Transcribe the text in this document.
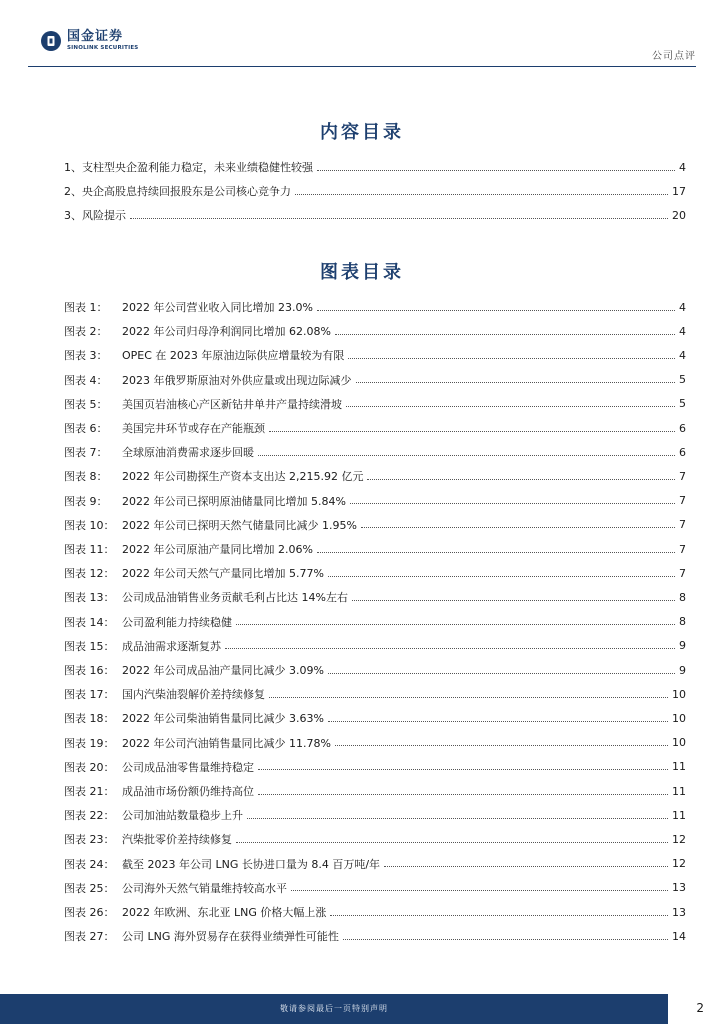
国金证券
SINOLINK SECURITIES
公司点评
内容目录
1、支柱型央企盈利能力稳定，未来业绩稳健性较强	4
2、央企高股息持续回报股东是公司核心竞争力	17
3、风险提示	20
图表目录
图表 1： 2022 年公司营业收入同比增加 23.0%	4
图表 2： 2022 年公司归母净利润同比增加 62.08%	4
图表 3： OPEC 在 2023 年原油边际供应增量较为有限	4
图表 4： 2023 年俄罗斯原油对外供应量或出现边际减少	5
图表 5： 美国页岩油核心产区新钻井单井产量持续滑坡	5
图表 6： 美国完井环节或存在产能瓶颈	6
图表 7： 全球原油消费需求逐步回暖	6
图表 8： 2022 年公司勘探生产资本支出达 2,215.92 亿元	7
图表 9： 2022 年公司已探明原油储量同比增加 5.84%	7
图表 10： 2022 年公司已探明天然气储量同比减少 1.95%	7
图表 11： 2022 年公司原油产量同比增加 2.06%	7
图表 12： 2022 年公司天然气产量同比增加 5.77%	7
图表 13： 公司成品油销售业务贡献毛利占比达 14%左右	8
图表 14： 公司盈利能力持续稳健	8
图表 15： 成品油需求逐渐复苏	9
图表 16： 2022 年公司成品油产量同比减少 3.09%	9
图表 17： 国内汽柴油裂解价差持续修复	10
图表 18： 2022 年公司柴油销售量同比减少 3.63%	10
图表 19： 2022 年公司汽油销售量同比减少 11.78%	10
图表 20： 公司成品油零售量维持稳定	11
图表 21： 成品油市场份额仍维持高位	11
图表 22： 公司加油站数量稳步上升	11
图表 23： 汽柴批零价差持续修复	12
图表 24： 截至 2023 年公司 LNG 长协进口量为 8.4 百万吨/年	12
图表 25： 公司海外天然气销量维持较高水平	13
图表 26： 2022 年欧洲、东北亚 LNG 价格大幅上涨	13
图表 27： 公司 LNG 海外贸易存在获得业绩弹性可能性	14
敬请参阅最后一页特别声明	2
